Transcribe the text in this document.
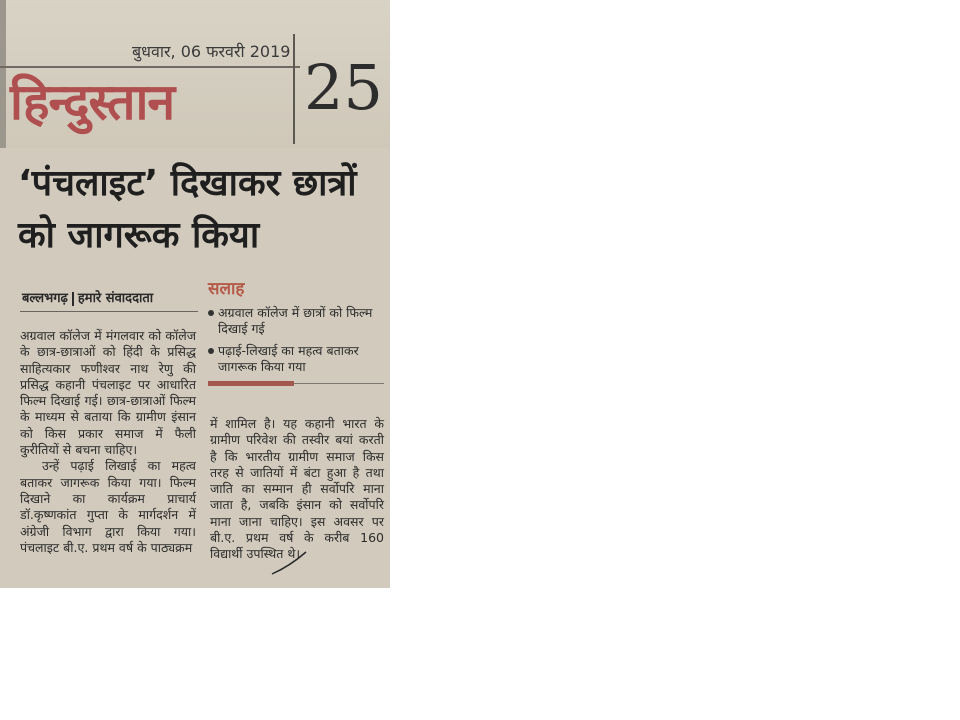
बुधवार, 06 फरवरी 2019
हिन्दुस्तान 25
‘पंचलाइट’ दिखाकर छात्रों
को जागरूक किया
बल्लभगढ़ हमारे संवाददाता

अग्रवाल कॉलेज में मंगलवार को कॉलेज के छात्र-छात्राओं को हिंदी के प्रसिद्ध साहित्यकार फणीश्वर नाथ रेणु की प्रसिद्ध कहानी पंचलाइट पर आधारित फिल्म दिखाई गई। छात्र-छात्राओं फिल्म के माध्यम से बताया कि ग्रामीण इंसान को किस प्रकार समाज में फैली कुरीतियों से बचना चाहिए।

उन्हें पढ़ाई लिखाई का महत्व बताकर जागरूक किया गया। फिल्म दिखाने का कार्यक्रम प्राचार्य डॉ.कृष्णकांत गुप्ता के मार्गदर्शन में अंग्रेजी विभाग द्वारा किया गया। पंचलाइट बी.ए. प्रथम वर्ष के पाठ्यक्रम

सलाह
अग्रवाल कॉलेज में छात्रों को फिल्म दिखाई गई
पढ़ाई-लिखाई का महत्व बताकर जागरूक किया गया

में शामिल है। यह कहानी भारत के ग्रामीण परिवेश की तस्वीर बयां करती है कि भारतीय ग्रामीण समाज किस तरह से जातियों में बंटा हुआ है तथा जाति का सम्मान ही सर्वोपरि माना जाता है, जबकि इंसान को सर्वोपरि माना जाना चाहिए। इस अवसर पर बी.ए. प्रथम वर्ष के करीब 160 विद्यार्थी उपस्थित थे।
